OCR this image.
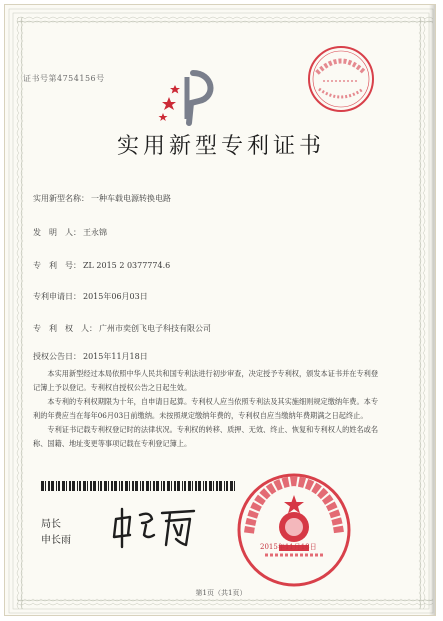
证书号第4754156号
实用新型专利证书
实用新型名称： 一种车载电源转换电路
发　明　人： 王永锦
专　利　号： ZL 2015 2 0377774.6
专利申请日： 2015年06月03日
专　利　权　人： 广州市奕创飞电子科技有限公司
授权公告日： 2015年11月18日

本实用新型经过本局依照中华人民共和国专利法进行初步审查，决定授予专利权，颁发本证书并在专利登记簿上予以登记。专利权自授权公告之日起生效。

本专利的专利权期限为十年，自申请日起算。专利权人应当依照专利法及其实施细则规定缴纳年费。本专利的年费应当在每年06月03日前缴纳。未按照规定缴纳年费的，专利权自应当缴纳年费期满之日起终止。

专利证书记载专利权登记时的法律状况。专利权的转移、质押、无效、终止、恢复和专利权人的姓名或名称、国籍、地址变更等事项记载在专利登记簿上。

局长
申长雨
2015年11月18日
第1页（共1页）
